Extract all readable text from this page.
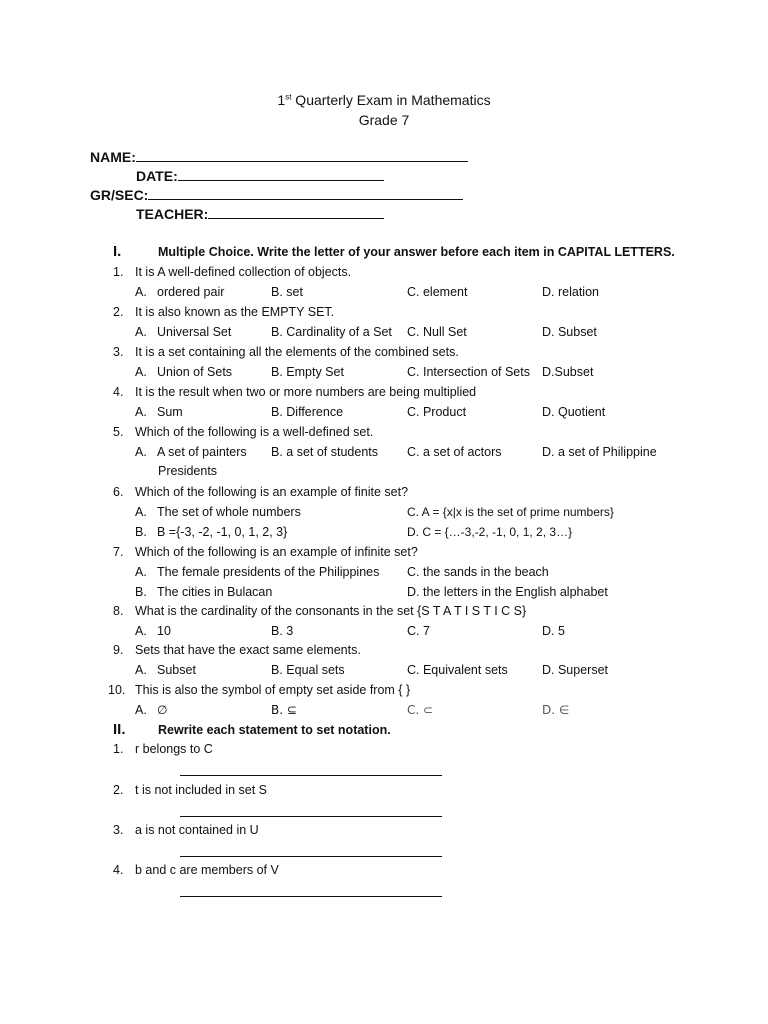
1st Quarterly Exam in Mathematics
Grade 7
NAME:
DATE:
GR/SEC:
TEACHER:
I.	Multiple Choice. Write the letter of your answer before each item in CAPITAL LETTERS.
1. It is A well-defined collection of objects.
A. ordered pair	B. set	C. element	D. relation
2. It is also known as the EMPTY SET.
A. Universal Set	B. Cardinality of a Set C. Null Set	D. Subset
3. It is a set containing all the elements of the combined sets.
A. Union of Sets	B. Empty Set	C. Intersection of Sets D.Subset
4. It is the result when two or more numbers are being multiplied
A. Sum	B. Difference	C. Product	D. Quotient
5. Which of the following is a well-defined set.
A. A set of painters B. a set of students C. a set of actors	D. a set of Philippine
Presidents
6. Which of the following is an example of finite set?
A. The set of whole numbers	C. A = {x|x is the set of prime numbers}
B. B ={-3, -2, -1, 0, 1, 2, 3}	D. C = {…-3,-2, -1, 0, 1, 2, 3…}
7. Which of the following is an example of infinite set?
A. The female presidents of the Philippines C. the sands in the beach
B. The cities in Bulacan	D. the letters in the English alphabet
8. What is the cardinality of the consonants in the set {S T A T I S T I C S}
A. 10	B. 3	C. 7	D. 5
9. Sets that have the exact same elements.
A. Subset	B. Equal sets	C. Equivalent sets	D. Superset
10. This is also the symbol of empty set aside from { }
A. ∅	B. ⊆	C. ⊂	D. ∈
II.	Rewrite each statement to set notation.
1. r belongs to C
2. t is not included in set S
3. a is not contained in U
4. b and c are members of V
